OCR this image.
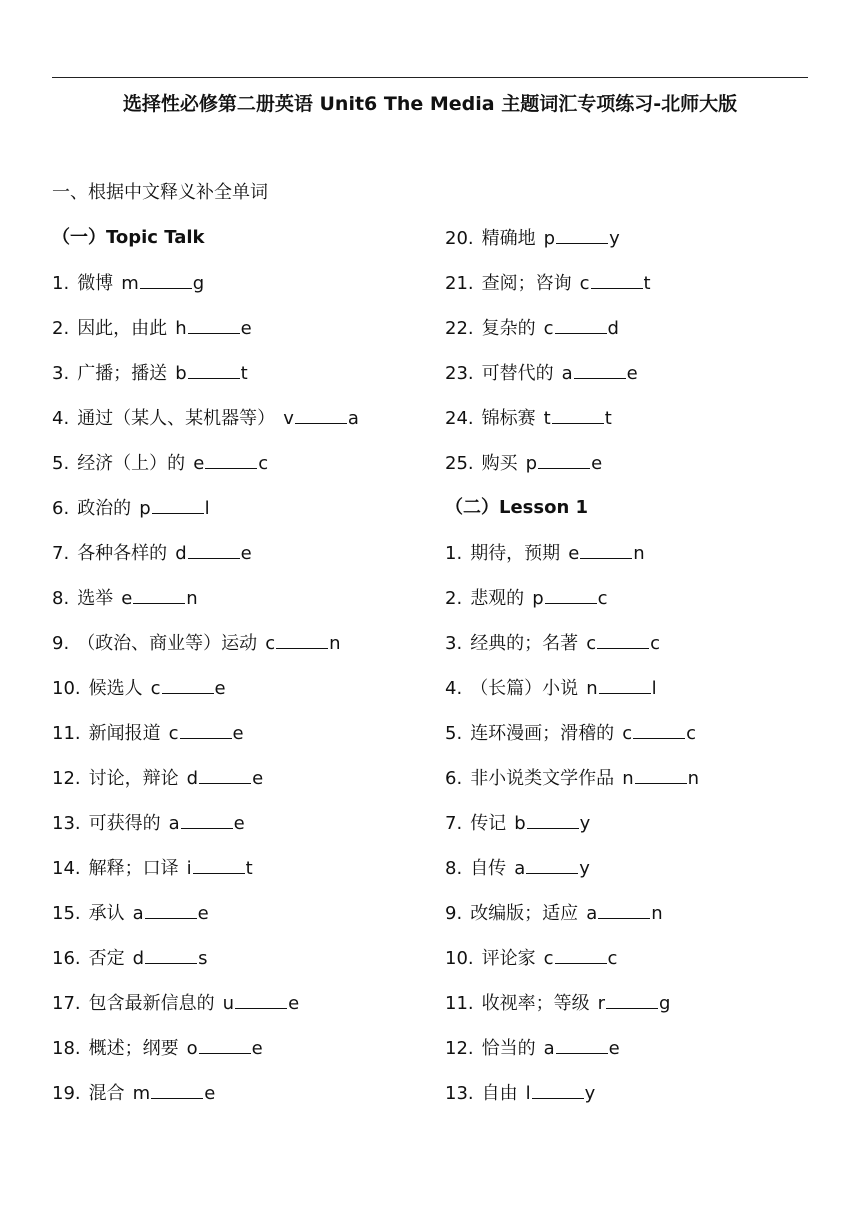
选择性必修第二册英语 Unit6 The Media 主题词汇专项练习-北师大版
一、根据中文释义补全单词
（一）Topic Talk
1. 微博 m	g
2. 因此，由此 h	e
3. 广播；播送 b	t
4. 通过（某人、某机器等） v	a
5. 经济（上）的 e	c
6. 政治的 p	l
7. 各种各样的 d	e
8. 选举 e	n
9. （政治、商业等）运动 c	n
10. 候选人 c	e
11. 新闻报道 c	e
12. 讨论，辩论 d	e
13. 可获得的 a	e
14. 解释；口译 i	t
15. 承认 a	e
16. 否定 d	s
17. 包含最新信息的 u	e
18. 概述；纲要 o	e
19. 混合 m	e
20. 精确地 p	y
21. 查阅；咨询 c	t
22. 复杂的 c	d
23. 可替代的 a	e
24. 锦标赛 t	t
25. 购买 p	e
（二）Lesson 1
1. 期待，预期 e	n
2. 悲观的 p	c
3. 经典的；名著 c	c
4. （长篇）小说 n	l
5. 连环漫画；滑稽的 c	c
6. 非小说类文学作品 n	n
7. 传记 b	y
8. 自传 a	y
9. 改编版；适应 a	n
10. 评论家 c	c
11. 收视率；等级 r	g
12. 恰当的 a	e
13. 自由 l	y
